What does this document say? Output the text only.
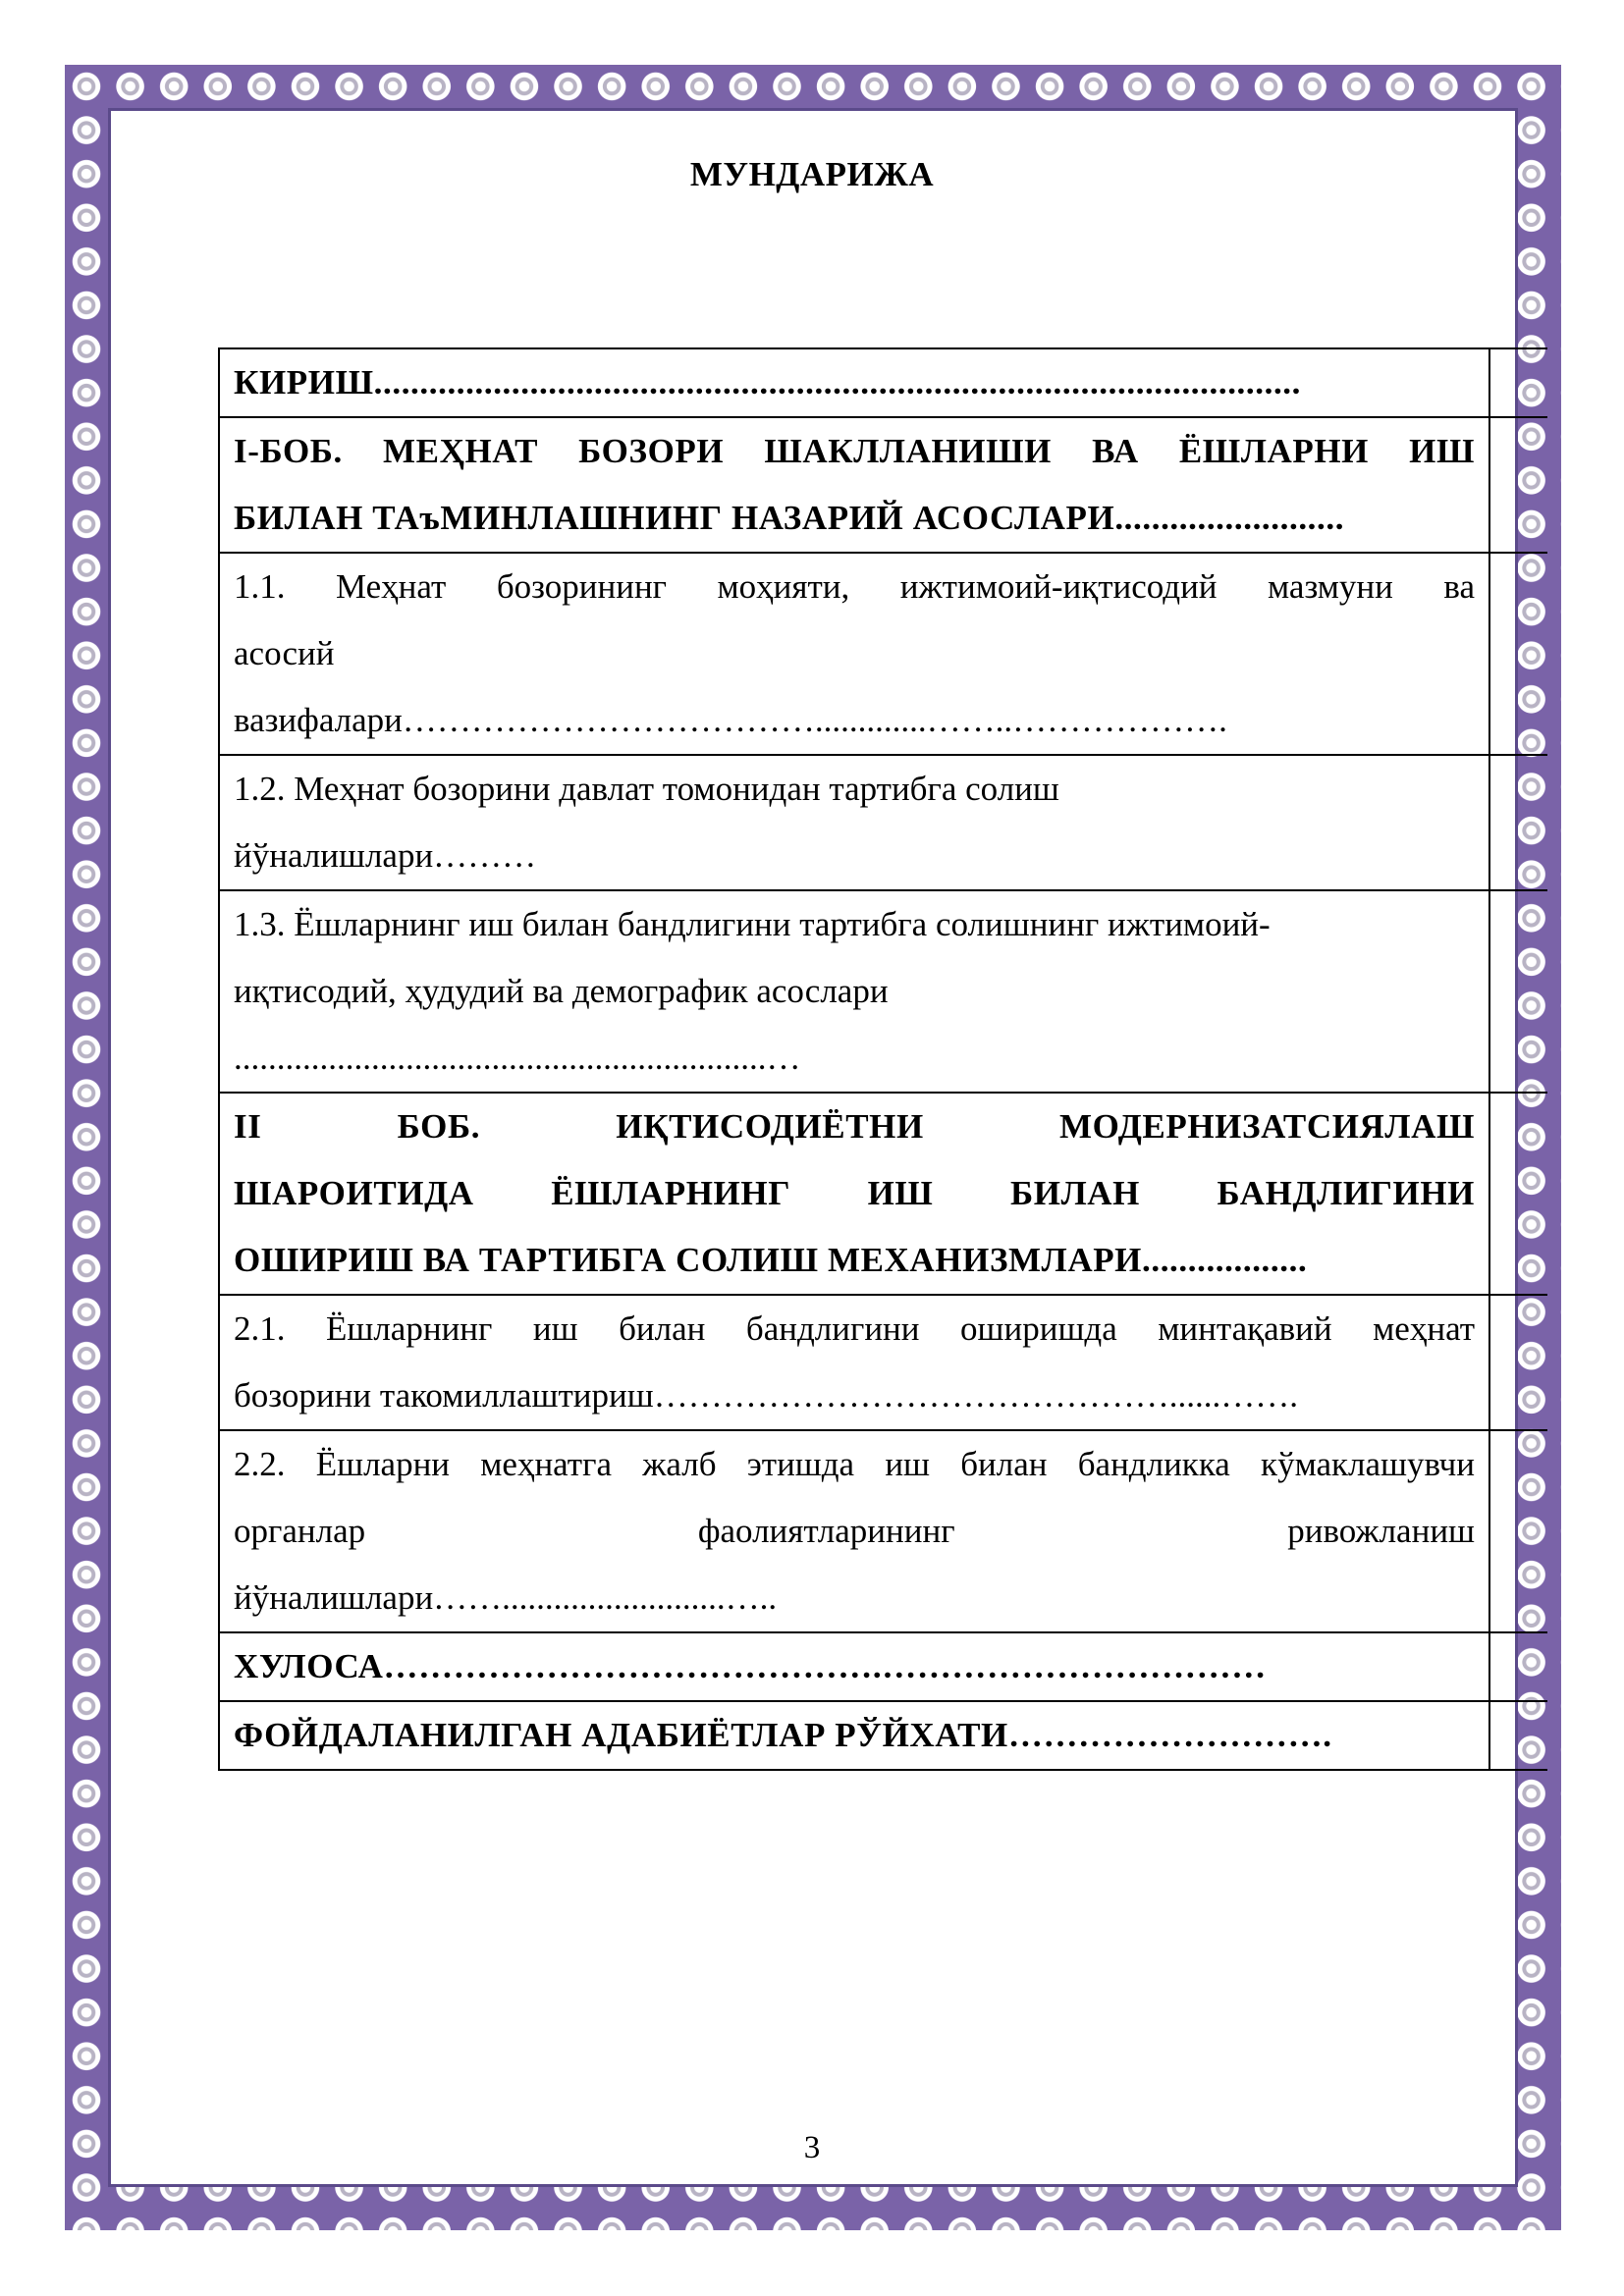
МУНДАРИЖА
КИРИШ.....................................................................................................	

I-БОБ. МЕҲНАТ БОЗОРИ ШАКЛЛАНИШИ ВА ЁШЛАРНИ ИШ
БИЛАН ТАъМИНЛАШНИНГ НАЗАРИЙ АСОСЛАРИ.........................	

1.1. Меҳнат бозорининг моҳияти, ижтимоий-иқтисодий мазмуни ва
асосий
вазифалари……………………………….............……..……………….	

1.2. Меҳнат бозорини давлат томонидан тартибга солиш
йўналишлари………	

1.3. Ёшларнинг иш билан бандлигини тартибга солишнинг ижтимоий-
иқтисодий, ҳудудий ва демографик асослари
..............................................................…	

II БОБ. ИҚТИСОДИЁТНИ МОДЕРНИЗАТСИЯЛАШ
ШАРОИТИДА ЁШЛАРНИНГ ИШ БИЛАН БАНДЛИГИНИ
ОШИРИШ ВА ТАРТИБГА СОЛИШ МЕХАНИЗМЛАРИ..................	

2.1. Ёшларнинг иш билан бандлигини оширишда минтақавий меҳнат
бозорини такомиллаштириш………………………………………......…….	

2.2. Ёшларни меҳнатга жалб этишда иш билан бандликка кўмаклашувчи
органлар фаолиятларининг ривожланиш
йўналишлари……..........................…..	

ХУЛОСА…………………………………….……………………………	
ФОЙДАЛАНИЛГАН АДАБИЁТЛАР РЎЙХАТИ……………………….	
3
